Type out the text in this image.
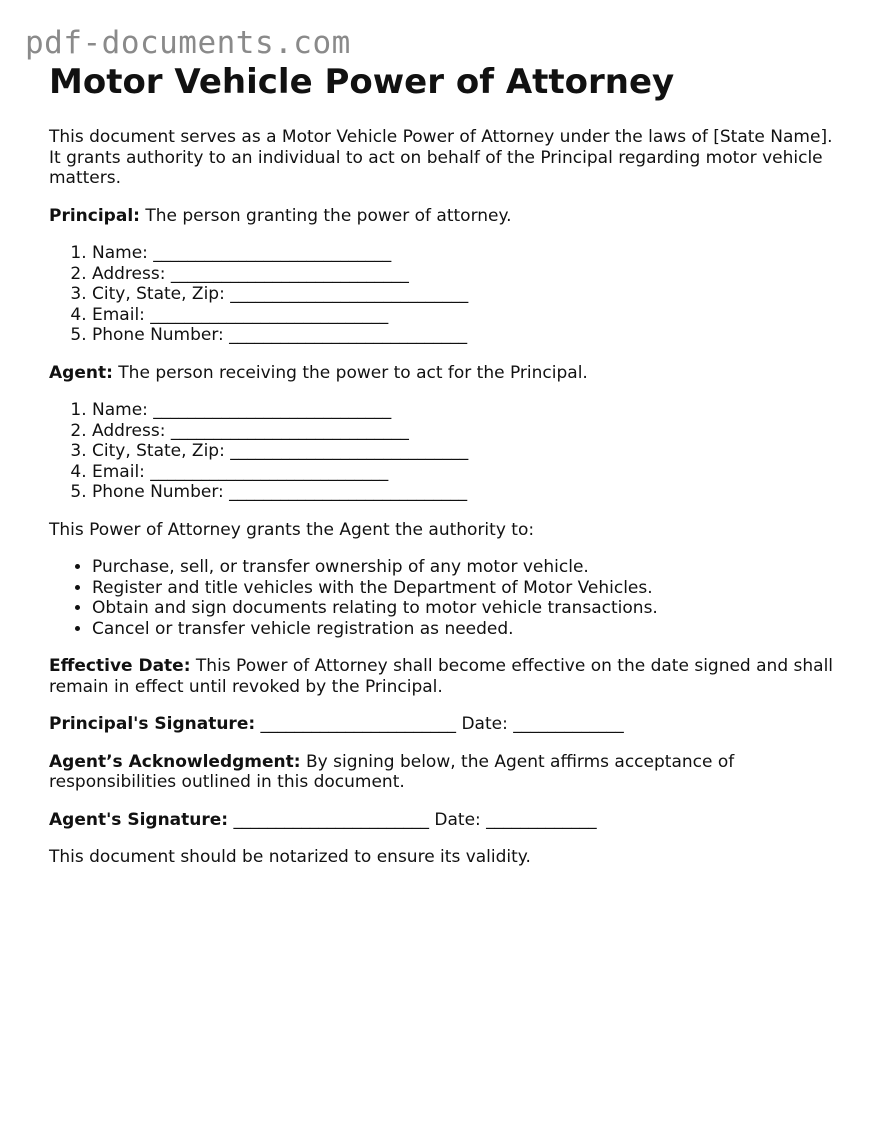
pdf-documents.com
Motor Vehicle Power of Attorney

This document serves as a Motor Vehicle Power of Attorney under the laws of [State Name]. It grants authority to an individual to act on behalf of the Principal regarding motor vehicle matters.

Principal: The person granting the power of attorney.

1. Name: ____________________________
2. Address: ____________________________
3. City, State, Zip: ____________________________
4. Email: ____________________________
5. Phone Number: ____________________________

Agent: The person receiving the power to act for the Principal.

1. Name: ____________________________
2. Address: ____________________________
3. City, State, Zip: ____________________________
4. Email: ____________________________
5. Phone Number: ____________________________

This Power of Attorney grants the Agent the authority to:

• Purchase, sell, or transfer ownership of any motor vehicle.
• Register and title vehicles with the Department of Motor Vehicles.
• Obtain and sign documents relating to motor vehicle transactions.
• Cancel or transfer vehicle registration as needed.

Effective Date: This Power of Attorney shall become effective on the date signed and shall remain in effect until revoked by the Principal.

Principal's Signature: _______________________ Date: _____________

Agent’s Acknowledgment: By signing below, the Agent affirms acceptance of responsibilities outlined in this document.

Agent's Signature: _______________________ Date: _____________

This document should be notarized to ensure its validity.
